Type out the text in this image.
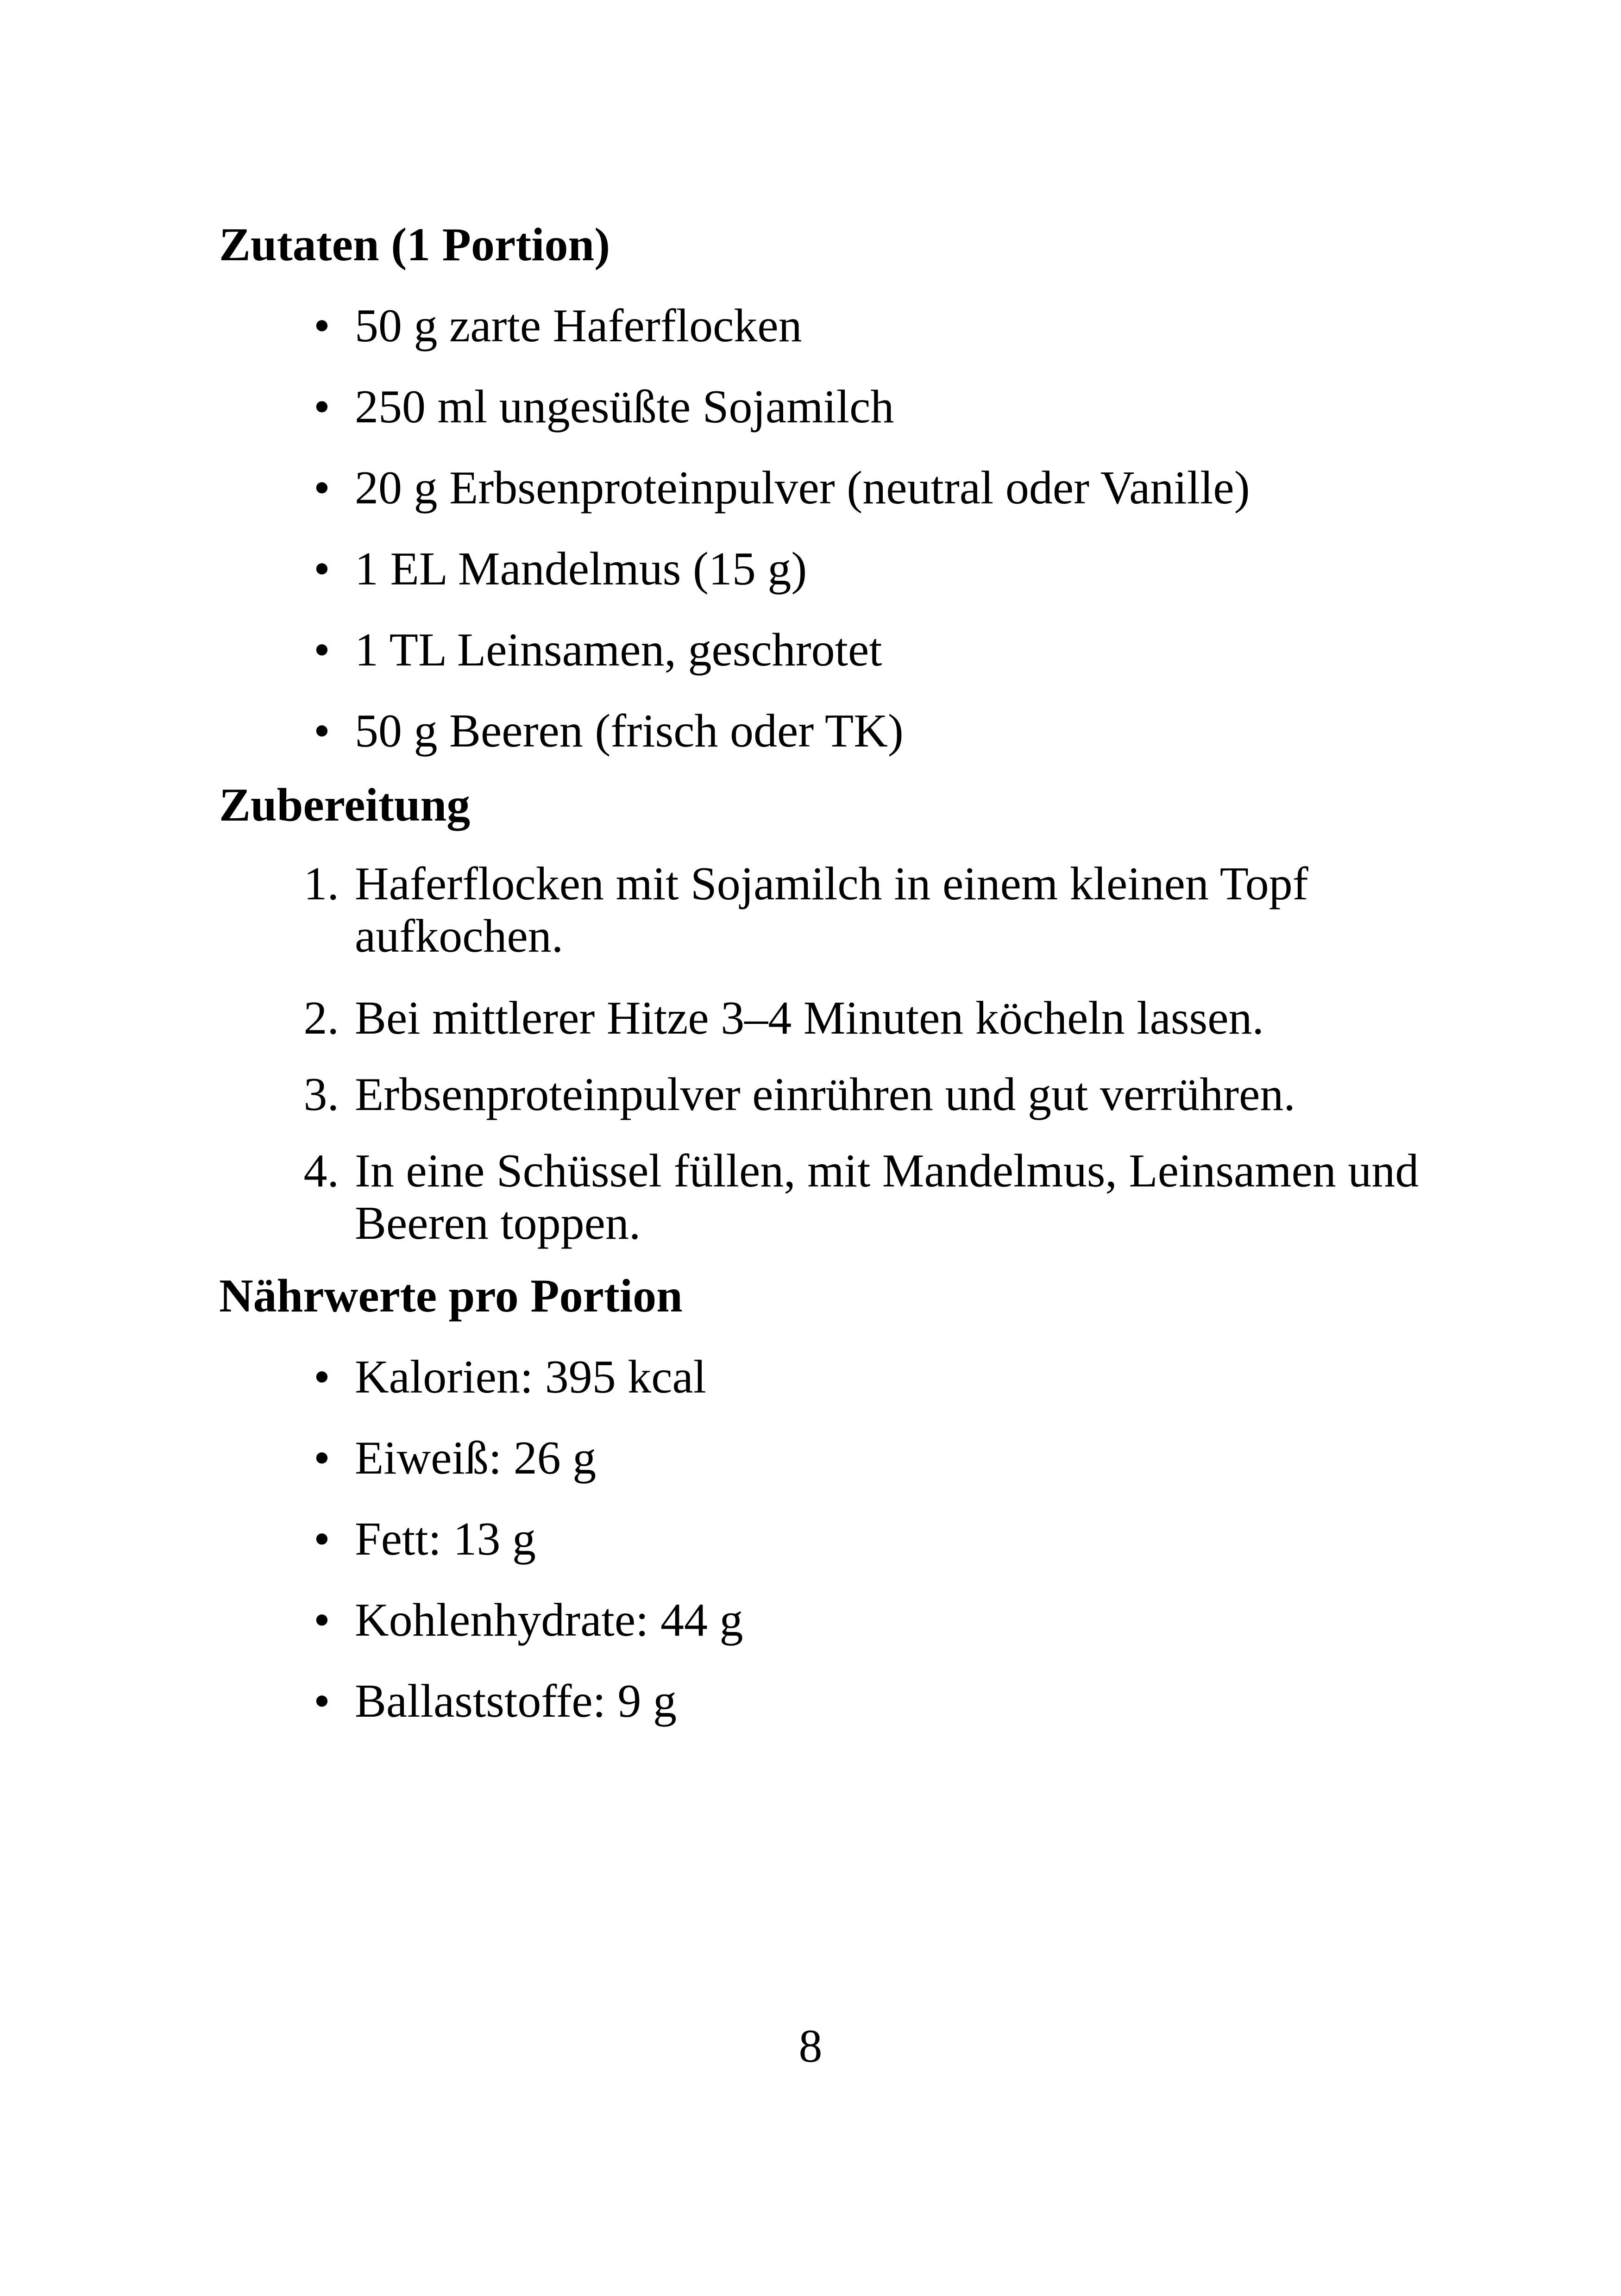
Zutaten (1 Portion)
• 50 g zarte Haferflocken
• 250 ml ungesüßte Sojamilch
• 20 g Erbsenproteinpulver (neutral oder Vanille)
• 1 EL Mandelmus (15 g)
• 1 TL Leinsamen, geschrotet
• 50 g Beeren (frisch oder TK)
Zubereitung
1. Haferflocken mit Sojamilch in einem kleinen Topf
aufkochen.
2. Bei mittlerer Hitze 3–4 Minuten köcheln lassen.
3. Erbsenproteinpulver einrühren und gut verrühren.
4. In eine Schüssel füllen, mit Mandelmus, Leinsamen und
Beeren toppen.
Nährwerte pro Portion
• Kalorien: 395 kcal
• Eiweiß: 26 g
• Fett: 13 g
• Kohlenhydrate: 44 g
• Ballaststoffe: 9 g
8
